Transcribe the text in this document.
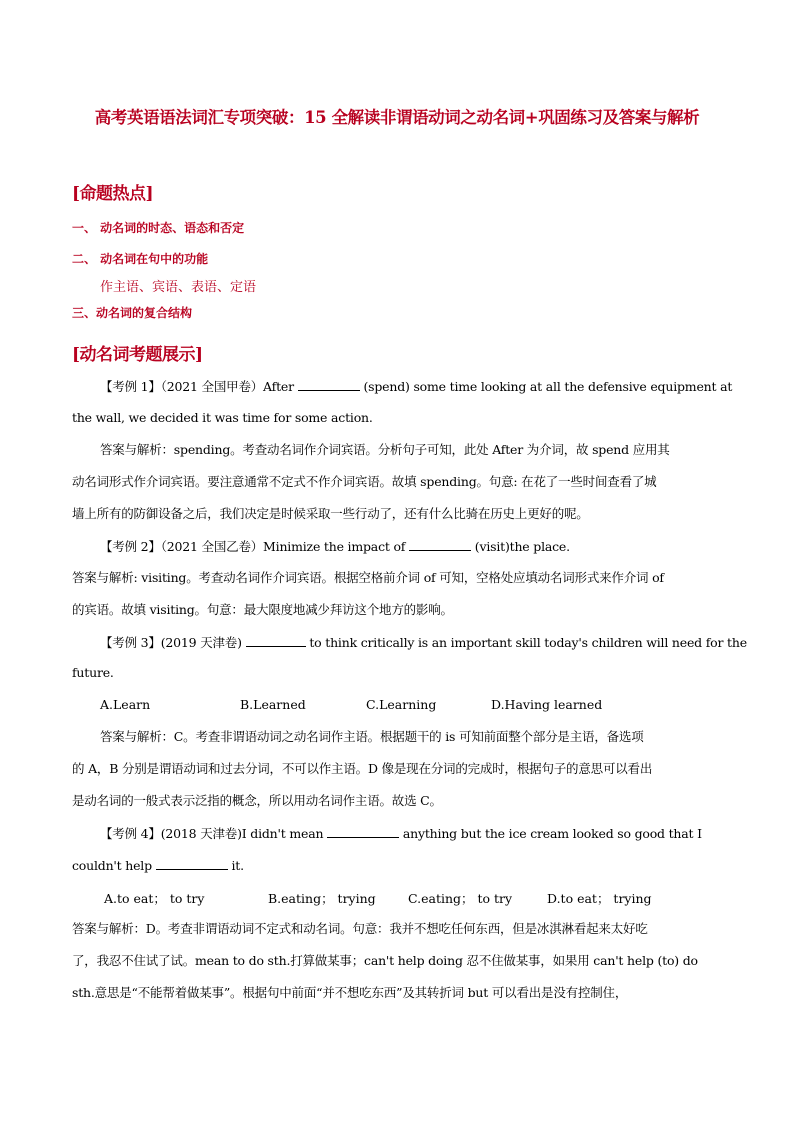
高考英语语法词汇专项突破：15 全解读非谓语动词之动名词+巩固练习及答案与解析
[命题热点]
一、 动名词的时态、语态和否定
二、 动名词在句中的功能
作主语、宾语、表语、定语
三、动名词的复合结构
[动名词考题展示]
【考例 1】（2021 全国甲卷）After	(spend) some time looking at all the defensive equipment at
the wall, we decided it was time for some action.
答案与解析：spending。考查动名词作介词宾语。分析句子可知，此处 After 为介词，故 spend 应用其
动名词形式作介词宾语。要注意通常不定式不作介词宾语。故填 spending。句意: 在花了一些时间查看了城
墙上所有的防御设备之后，我们决定是时候采取一些行动了，还有什么比骑在历史上更好的呢。
【考例 2】（2021 全国乙卷）Minimize the impact of	(visit)the place.
答案与解析: visiting。考查动名词作介词宾语。根据空格前介词 of 可知，空格处应填动名词形式来作介词 of
的宾语。故填 visiting。句意：最大限度地减少拜访这个地方的影响。
【考例 3】(2019 天津卷)	to think critically is an important skill today's children will need for the
future.
A.Learn	B.Learned	C.Learning	D.Having learned
答案与解析：C。考查非谓语动词之动名词作主语。根据题干的 is 可知前面整个部分是主语，备选项
的 A，B 分别是谓语动词和过去分词，不可以作主语。D 像是现在分词的完成时，根据句子的意思可以看出
是动名词的一般式表示泛指的概念，所以用动名词作主语。故选 C。
【考例 4】(2018 天津卷)I didn't mean	anything but the ice cream looked so good that I
couldn't help	it.
A.to eat； to try	B.eating； trying	C.eating； to try	D.to eat； trying
答案与解析：D。考查非谓语动词不定式和动名词。句意：我并不想吃任何东西，但是冰淇淋看起来太好吃
了，我忍不住试了试。mean to do sth.打算做某事；can't help doing 忍不住做某事，如果用 can't help (to) do
sth.意思是“不能帮着做某事”。根据句中前面“并不想吃东西”及其转折词 but 可以看出是没有控制住，
